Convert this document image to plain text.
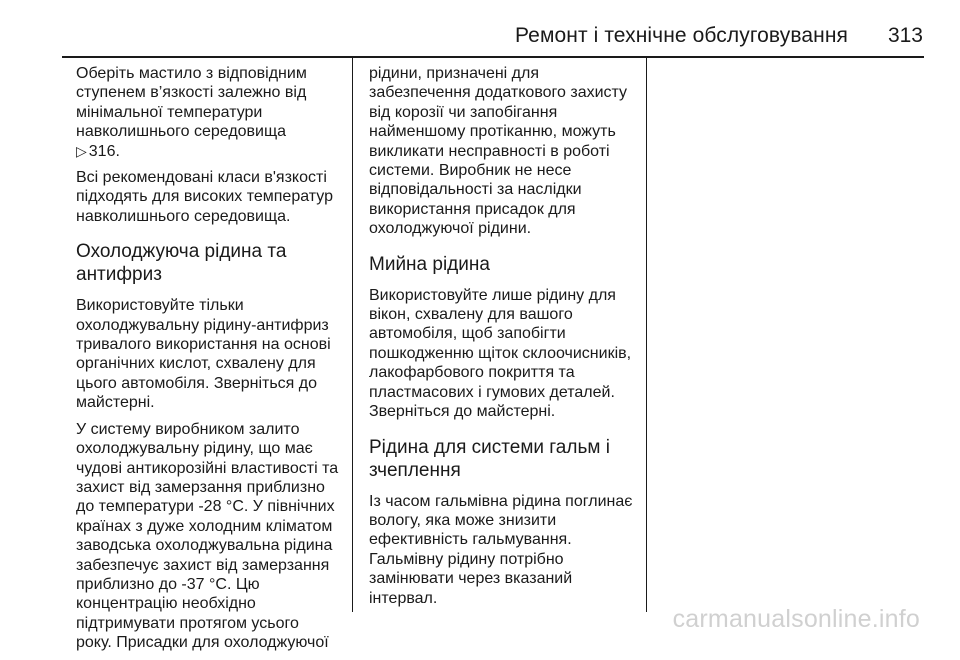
Ремонт і технічне обслуговування 313

Оберіть мастило з відповідним
ступенем в’язкості залежно від
мінімальної температури
навколишнього середовища
▷ 316.

Всі рекомендовані класи в'язкості
підходять для високих температур
навколишнього середовища.

Охолоджуюча рідина та
антифриз

Використовуйте тільки
охолоджувальну рідину-антифриз
тривалого використання на основі
органічних кислот, схвалену для
цього автомобіля. Зверніться до
майстерні.

У систему виробником залито
охолоджувальну рідину, що має
чудові антикорозійні властивості та
захист від замерзання приблизно
до температури -28 °C. У північних
країнах з дуже холодним кліматом
заводська охолоджувальна рідина
забезпечує захист від замерзання
приблизно до -37 °C. Цю
концентрацію необхідно
підтримувати протягом усього
року. Присадки для охолоджуючої

рідини, призначені для
забезпечення додаткового захисту
від корозії чи запобігання
найменшому протіканню, можуть
викликати несправності в роботі
системи. Виробник не несе
відповідальності за наслідки
використання присадок для
охолоджуючої рідини.

Мийна рідина

Використовуйте лише рідину для
вікон, схвалену для вашого
автомобіля, щоб запобігти
пошкодженню щіток склоочисників,
лакофарбового покриття та
пластмасових і гумових деталей.
Зверніться до майстерні.

Рідина для системи гальм і
зчеплення

Із часом гальмівна рідина поглинає
вологу, яка може знизити
ефективність гальмування.
Гальмівну рідину потрібно
замінювати через вказаний
інтервал.

carmanualsonline.info
